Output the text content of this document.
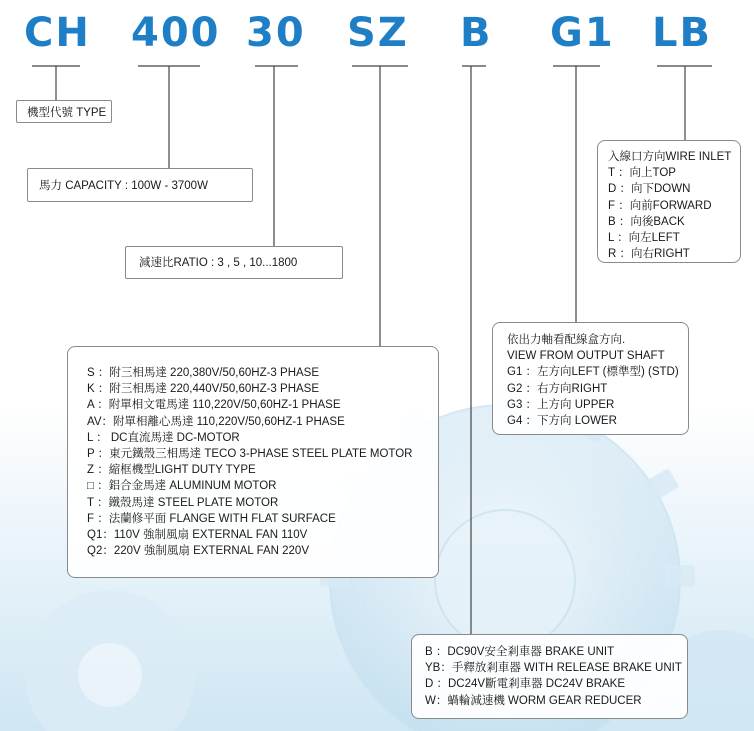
CH 400 30 SZ B G1 LB
機型代號 TYPE
馬力 CAPACITY : 100W - 3700W
減速比RATIO : 3 , 5 , 10...1800
S ：附三相馬達 220,380V/50,60HZ-3 PHASE
K ：附三相馬達 220,440V/50,60HZ-3 PHASE
A ：附單相文電馬達 110,220V/50,60HZ-1 PHASE
AV：附單相離心馬達 110,220V/50,60HZ-1 PHASE
L ： DC直流馬達 DC-MOTOR
P ：東元鐵殼三相馬達 TECO 3-PHASE STEEL PLATE MOTOR
Z ：縮框機型LIGHT DUTY TYPE
□ ：鋁合金馬達 ALUMINUM MOTOR
T ：鐵殼馬達 STEEL PLATE MOTOR
F ：法蘭修平面 FLANGE WITH FLAT SURFACE
Q1：110V 強制風扇 EXTERNAL FAN 110V
Q2：220V 強制風扇 EXTERNAL FAN 220V
入線口方向WIRE INLET
T ：向上TOP
D ：向下DOWN
F ：向前FORWARD
B ：向後BACK
L ：向左LEFT
R ：向右RIGHT
依出力軸看配線盒方向.
VIEW FROM OUTPUT SHAFT
G1 ：左方向LEFT (標準型) (STD)
G2 ：右方向RIGHT
G3 ：上方向 UPPER
G4 ：下方向 LOWER
B ：DC90V安全剎車器 BRAKE UNIT
YB：手釋放剎車器 WITH RELEASE BRAKE UNIT
D ：DC24V斷電剎車器 DC24V BRAKE
W：蝸輪減速機 WORM GEAR REDUCER
